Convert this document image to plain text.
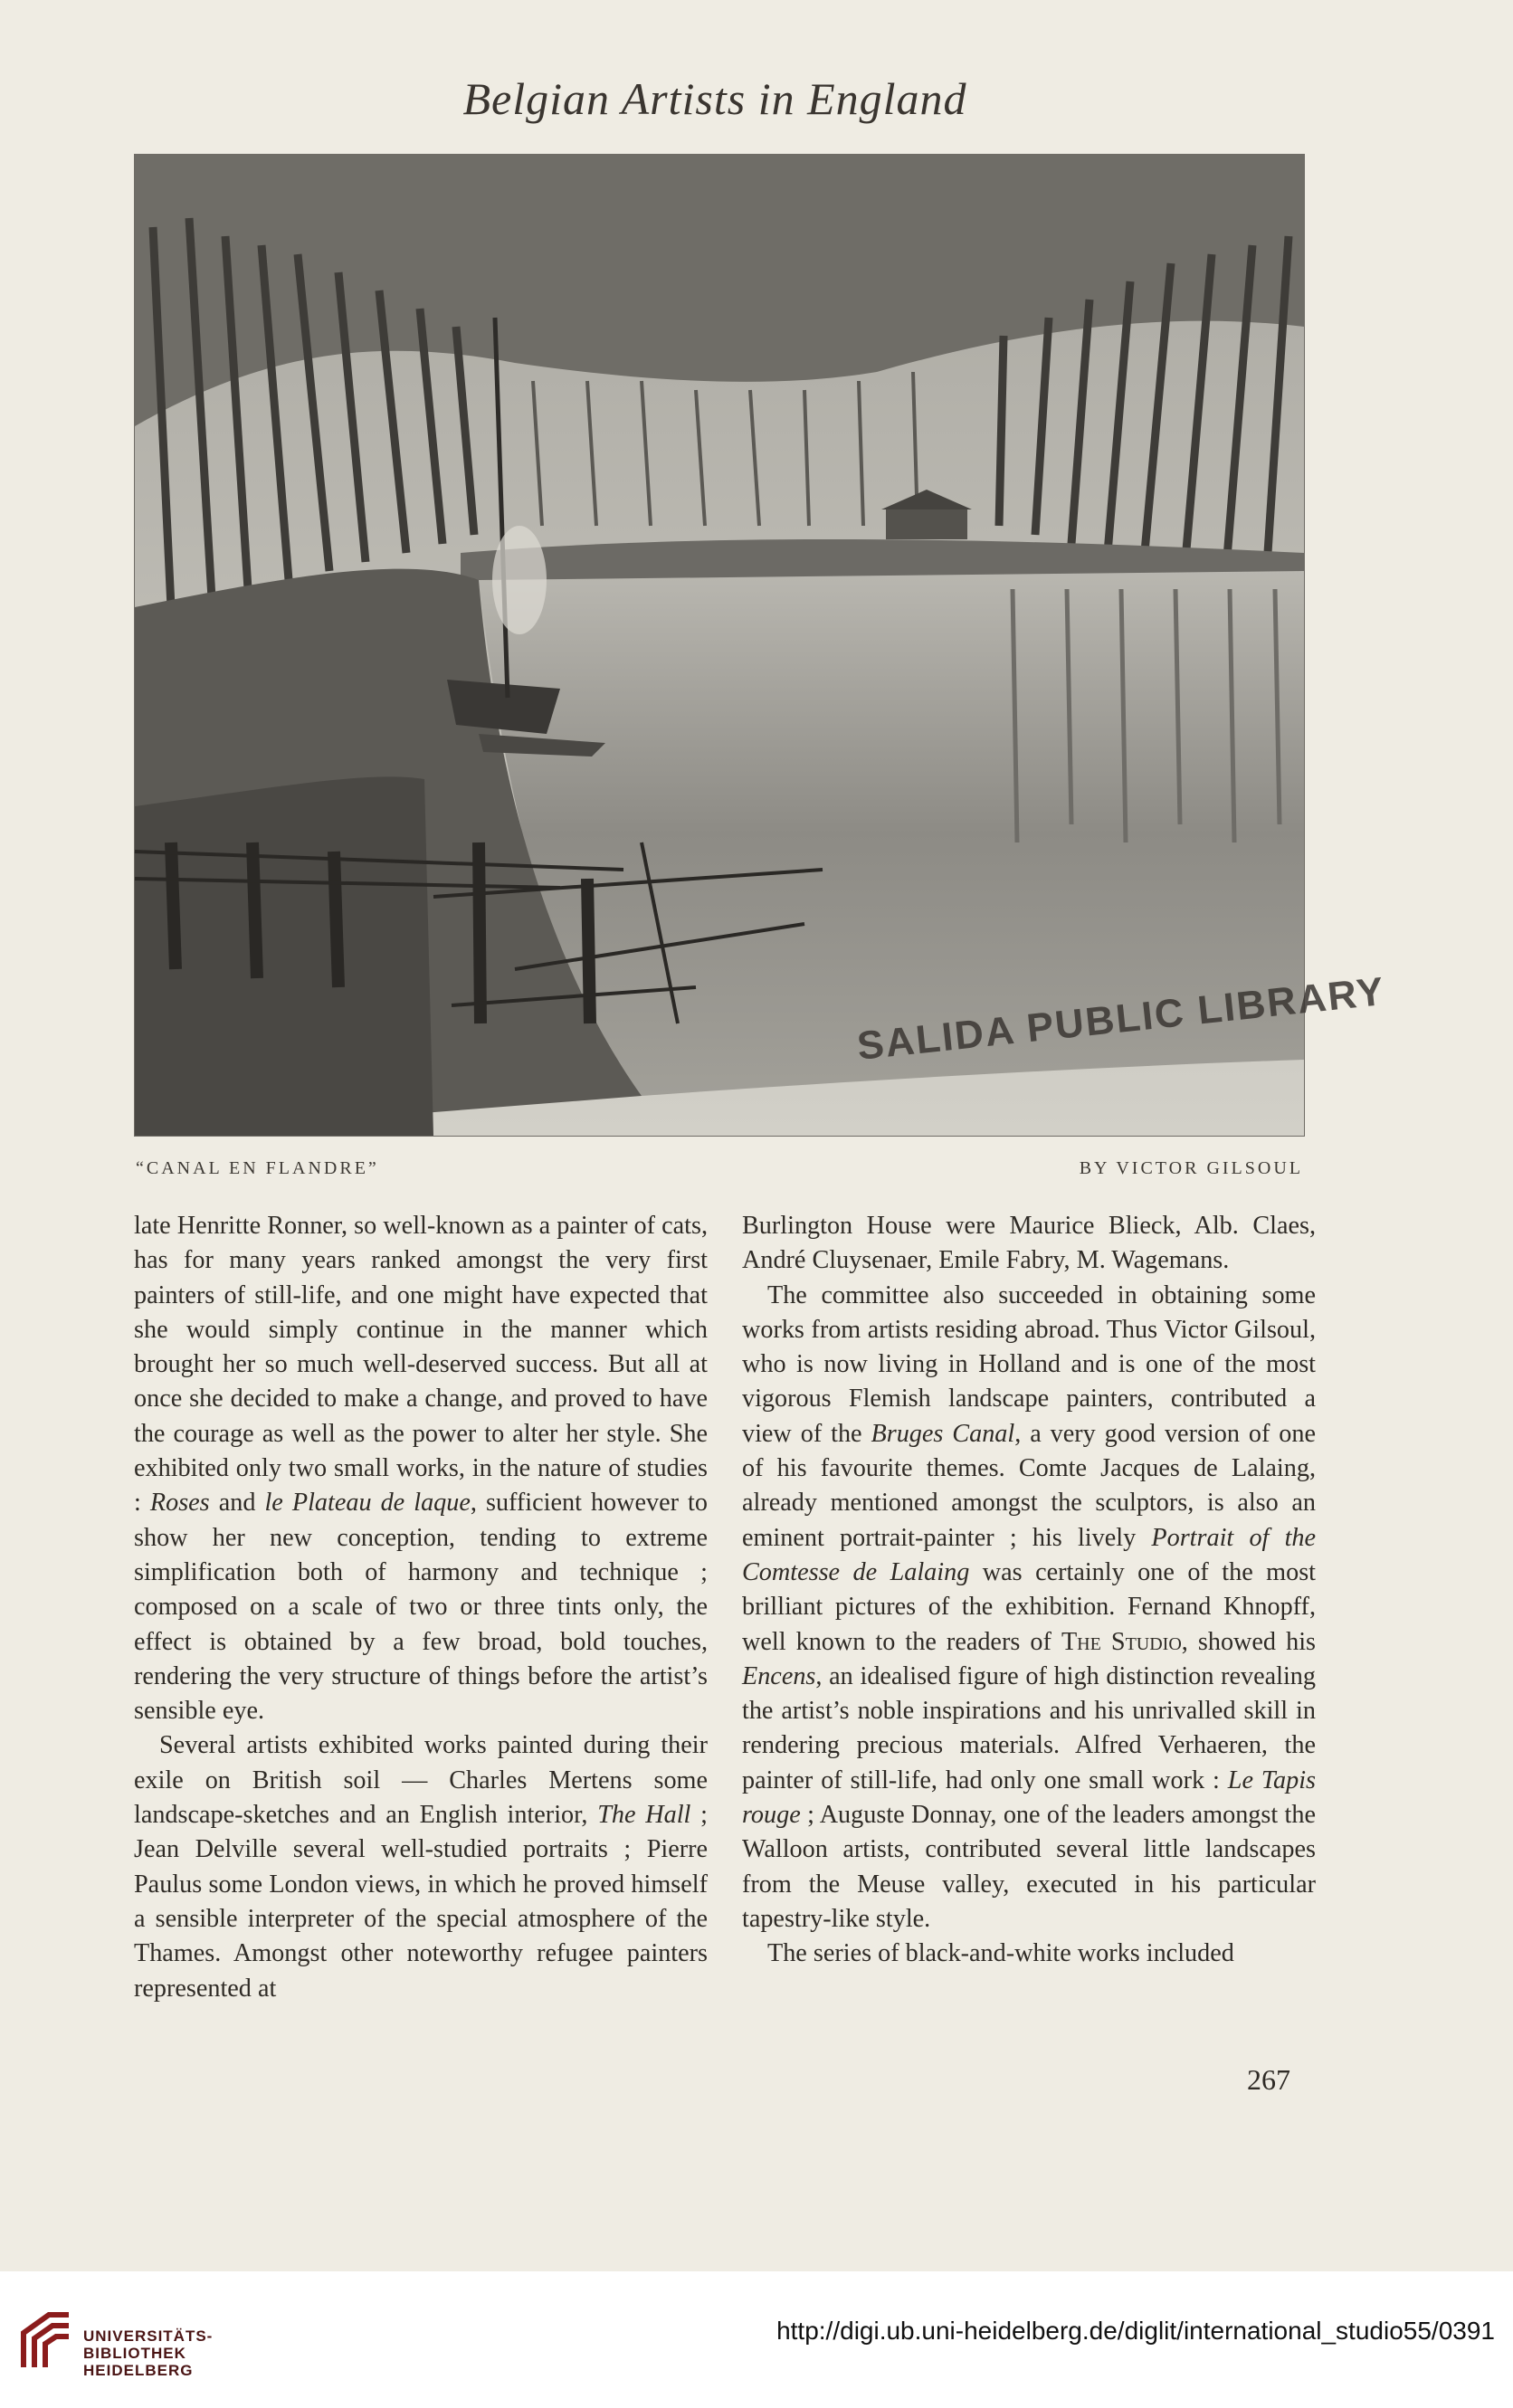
Belgian Artists in England
SALIDA PUBLIC LIBRARY
“CANAL EN FLANDRE”	BY VICTOR GILSOUL

late Henritte Ronner, so well-known as a painter of cats, has for many years ranked amongst the very first painters of still-life, and one might have expected that she would simply continue in the manner which brought her so much well-deserved success. But all at once she decided to make a change, and proved to have the courage as well as the power to alter her style. She exhibited only two small works, in the nature of studies : Roses and le Plateau de laque, sufficient however to show her new conception, tending to extreme simplification both of harmony and technique ; composed on a scale of two or three tints only, the effect is obtained by a few broad, bold touches, rendering the very structure of things before the artist’s sensible eye.

Several artists exhibited works painted during their exile on British soil — Charles Mertens some landscape-sketches and an English interior, The Hall ; Jean Delville several well-studied portraits ; Pierre Paulus some London views, in which he proved himself a sensible interpreter of the special atmosphere of the Thames. Amongst other noteworthy refugee painters represented at

Burlington House were Maurice Blieck, Alb. Claes, André Cluysenaer, Emile Fabry, M. Wagemans.

The committee also succeeded in obtaining some works from artists residing abroad. Thus Victor Gilsoul, who is now living in Holland and is one of the most vigorous Flemish landscape painters, contributed a view of the Bruges Canal, a very good version of one of his favourite themes. Comte Jacques de Lalaing, already mentioned amongst the sculptors, is also an eminent portrait-painter ; his lively Portrait of the Comtesse de Lalaing was certainly one of the most brilliant pictures of the exhibition. Fernand Khnopff, well known to the readers of The Studio, showed his Encens, an idealised figure of high distinction revealing the artist’s noble inspirations and his unrivalled skill in rendering precious materials. Alfred Verhaeren, the painter of still-life, had only one small work : Le Tapis rouge ; Auguste Donnay, one of the leaders amongst the Walloon artists, contributed several little landscapes from the Meuse valley, executed in his particular tapestry-like style.

The series of black-and-white works included

267
UNIVERSITÄTS-
BIBLIOTHEK
HEIDELBERG
http://digi.ub.uni-heidelberg.de/diglit/international_studio55/0391
